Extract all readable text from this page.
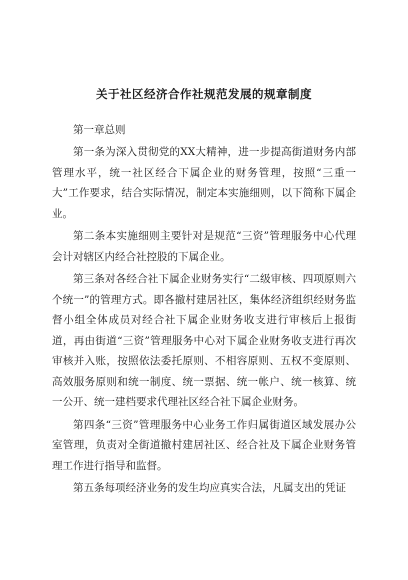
关于社区经济合作社规范发展的规章制度
第一章总则

第一条为深入贯彻党的XX大精神，进一步提高街道财务内部管理水平，统一社区经合下属企业的财务管理，按照“三重一大”工作要求，结合实际情况，制定本实施细则，以下简称下属企业。

第二条本实施细则主要针对是规范“三资”管理服务中心代理会计对辖区内经合社控股的下属企业。

第三条对各经合社下属企业财务实行“二级审核、四项原则六个统一”的管理方式。即各撤村建居社区，集体经济组织经财务监督小组全体成员对经合社下属企业财务收支进行审核后上报街道，再由街道“三资”管理服务中心对下属企业财务收支进行再次审核并入账，按照依法委托原则、不相容原则、五权不变原则、高效服务原则和统一制度、统一票据、统一帐户、统一核算、统一公开、统一建档要求代理社区经合社下属企业财务。

第四条“三资”管理服务中心业务工作归属街道区域发展办公室管理，负责对全街道撤村建居社区、经合社及下属企业财务管理工作进行指导和监督。

第五条每项经济业务的发生均应真实合法，凡属支出的凭证
